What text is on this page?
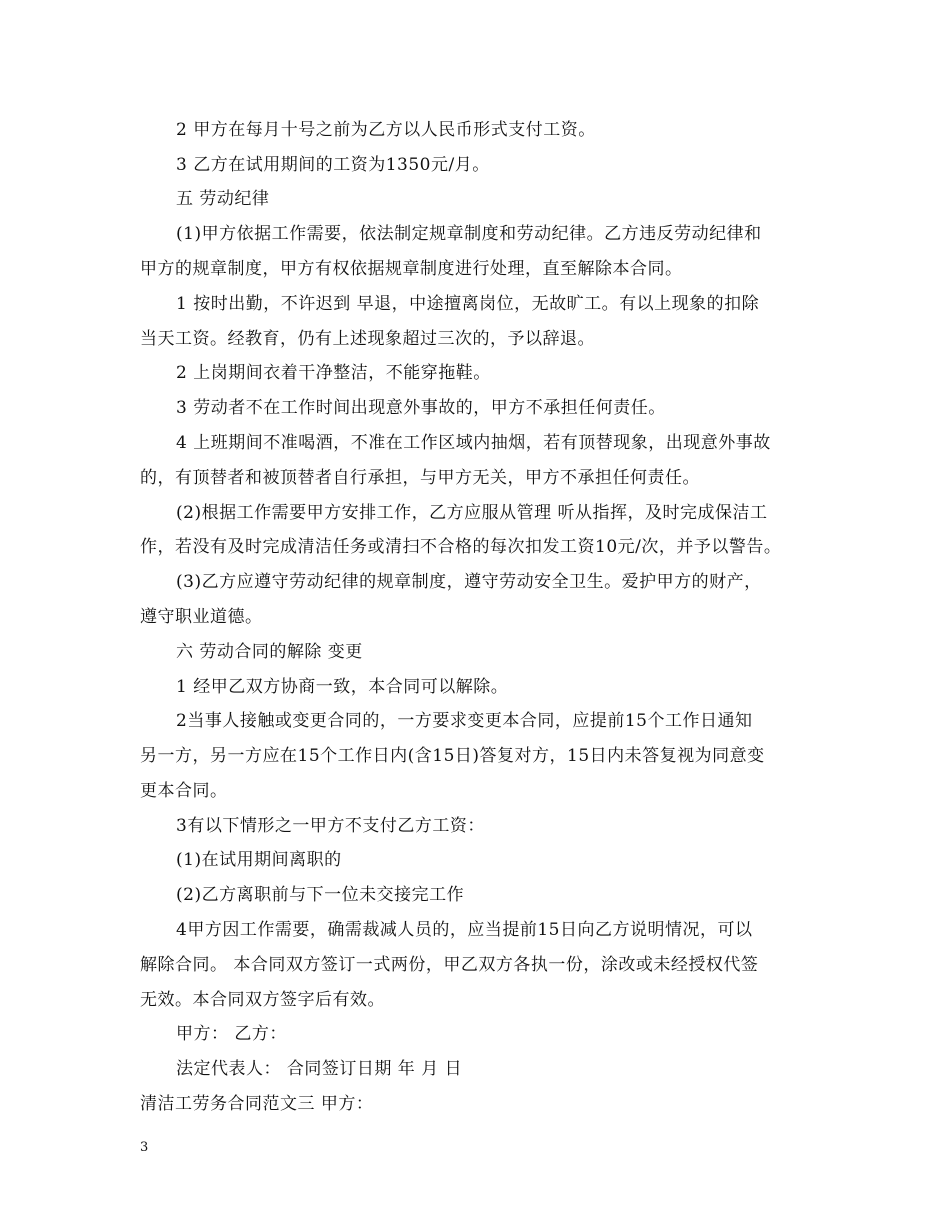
2 甲方在每月十号之前为乙方以人民币形式支付工资。
3 乙方在试用期间的工资为1350元/月。
五 劳动纪律
(1)甲方依据工作需要，依法制定规章制度和劳动纪律。乙方违反劳动纪律和
甲方的规章制度，甲方有权依据规章制度进行处理，直至解除本合同。
1 按时出勤，不许迟到 早退，中途擅离岗位，无故旷工。有以上现象的扣除
当天工资。经教育，仍有上述现象超过三次的，予以辞退。
2 上岗期间衣着干净整洁，不能穿拖鞋。
3 劳动者不在工作时间出现意外事故的，甲方不承担任何责任。
4 上班期间不准喝酒，不准在工作区域内抽烟，若有顶替现象，出现意外事故
的，有顶替者和被顶替者自行承担，与甲方无关，甲方不承担任何责任。
(2)根据工作需要甲方安排工作，乙方应服从管理 听从指挥，及时完成保洁工
作，若没有及时完成清洁任务或清扫不合格的每次扣发工资10元/次，并予以警告。
(3)乙方应遵守劳动纪律的规章制度，遵守劳动安全卫生。爱护甲方的财产，
遵守职业道德。
六 劳动合同的解除 变更
1 经甲乙双方协商一致，本合同可以解除。
2当事人接触或变更合同的，一方要求变更本合同，应提前15个工作日通知
另一方，另一方应在15个工作日内(含15日)答复对方，15日内未答复视为同意变
更本合同。
3有以下情形之一甲方不支付乙方工资：
(1)在试用期间离职的
(2)乙方离职前与下一位未交接完工作
4甲方因工作需要，确需裁减人员的，应当提前15日向乙方说明情况，可以
解除合同。 本合同双方签订一式两份，甲乙双方各执一份，涂改或未经授权代签
无效。本合同双方签字后有效。
甲方： 乙方：
法定代表人： 合同签订日期 年 月 日
清洁工劳务合同范文三 甲方：
3
